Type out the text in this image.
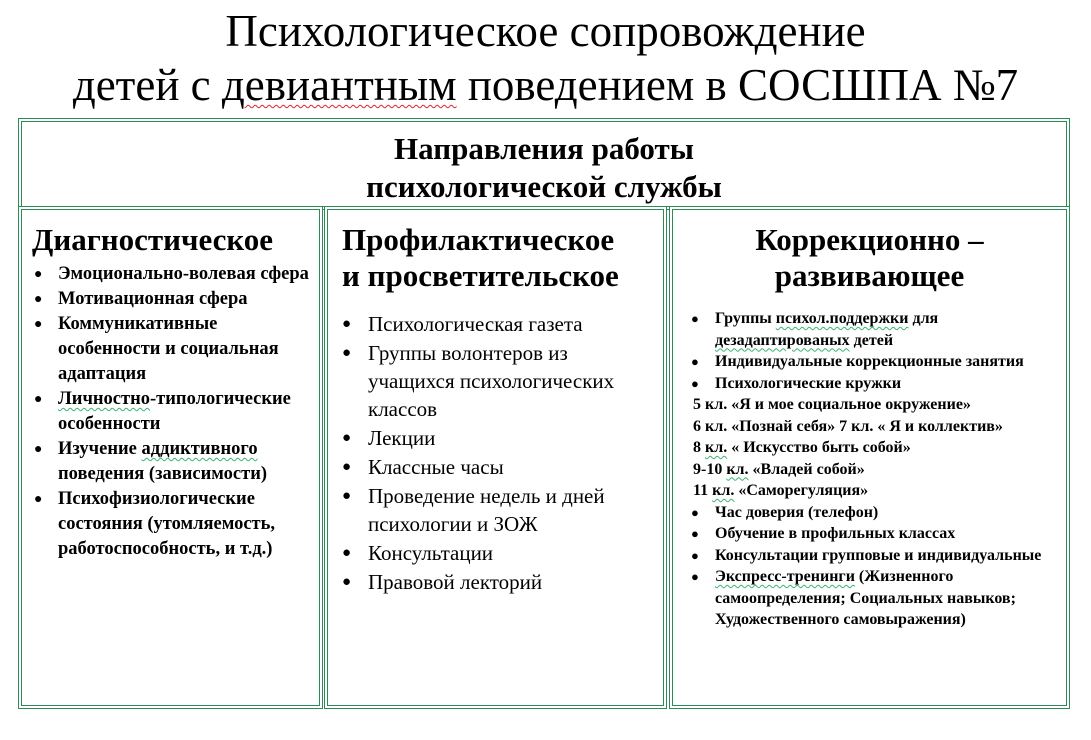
Психологическое сопровождение
детей с девиантным поведением в СОСШПА №7
Направления работы
психологической службы
Диагностическое
● Эмоционально-волевая сфера
● Мотивационная сфера
● Коммуникативные особенности и социальная адаптация
● Личностно-типологические особенности
● Изучение аддиктивного поведения (зависимости)
● Психофизиологические состояния (утомляемость, работоспособность, и т.д.)
Профилактическое
и просветительское
● Психологическая газета
● Группы волонтеров из учащихся психологических классов
● Лекции
● Классные часы
● Проведение недель и дней психологии и ЗОЖ
● Консультации
● Правовой лекторий
Коррекционно –
развивающее
● Группы психол.поддержки для дезадаптированых детей
● Индивидуальные коррекционные занятия
● Психологические кружки
5 кл. «Я и мое социальное окружение»
6 кл. «Познай себя» 7 кл. « Я и коллектив»
8 кл. « Искусство быть собой»
9-10 кл. «Владей собой»
11 кл. «Саморегуляция»
● Час доверия (телефон)
● Обучение в профильных классах
● Консультации групповые и индивидуальные
● Экспресс-тренинги (Жизненного самоопределения; Социальных навыков; Художественного самовыражения)
